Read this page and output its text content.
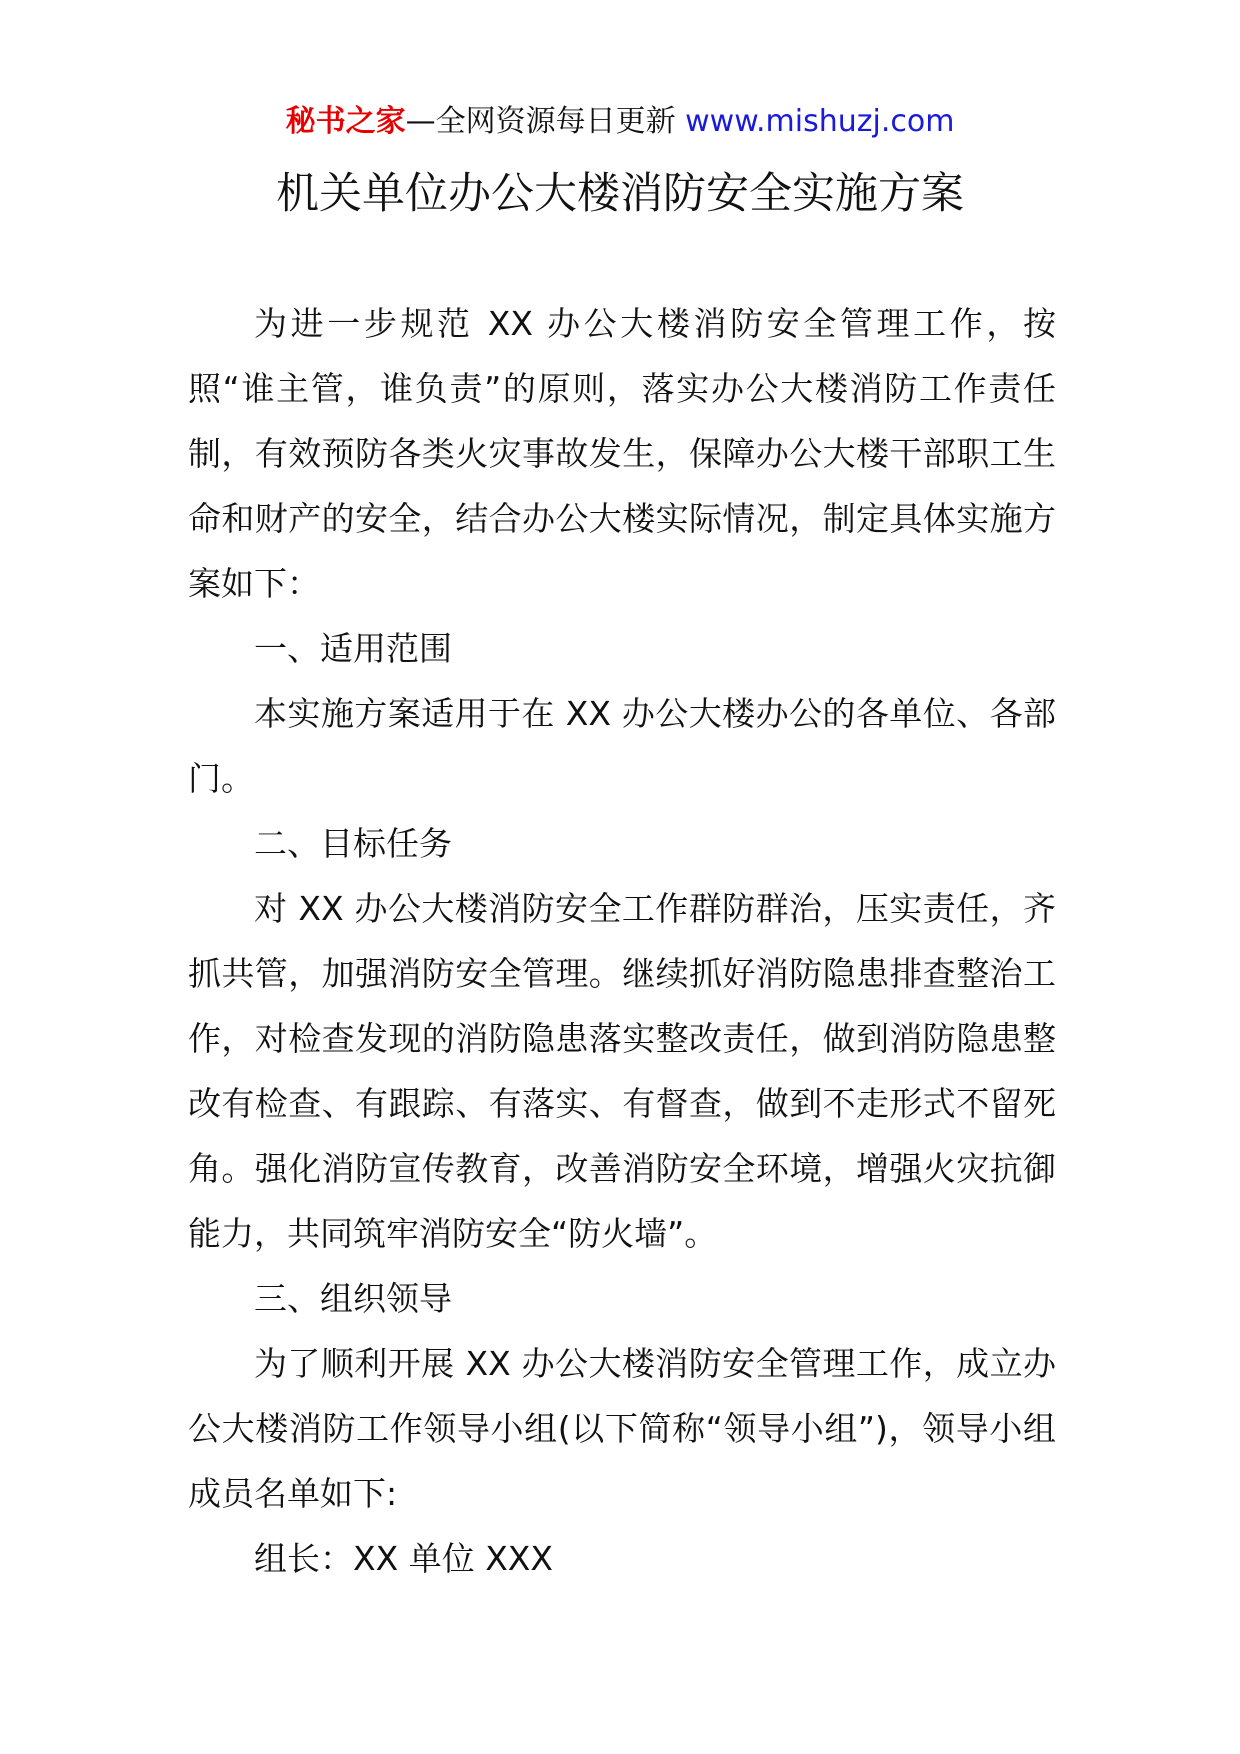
秘书之家—全网资源每日更新 www.mishuzj.com
机关单位办公大楼消防安全实施方案

为进一步规范 XX 办公大楼消防安全管理工作，按照“谁主管，谁负责”的原则，落实办公大楼消防工作责任制，有效预防各类火灾事故发生，保障办公大楼干部职工生命和财产的安全，结合办公大楼实际情况，制定具体实施方案如下：

一、适用范围

本实施方案适用于在 XX 办公大楼办公的各单位、各部门。

二、目标任务

对 XX 办公大楼消防安全工作群防群治，压实责任，齐抓共管，加强消防安全管理。继续抓好消防隐患排查整治工作，对检查发现的消防隐患落实整改责任，做到消防隐患整改有检查、有跟踪、有落实、有督查，做到不走形式不留死角。强化消防宣传教育，改善消防安全环境，增强火灾抗御能力，共同筑牢消防安全“防火墙”。

三、组织领导

为了顺利开展 XX 办公大楼消防安全管理工作，成立办公大楼消防工作领导小组(以下简称“领导小组”)，领导小组成员名单如下:

组长：XX 单位 XXX
